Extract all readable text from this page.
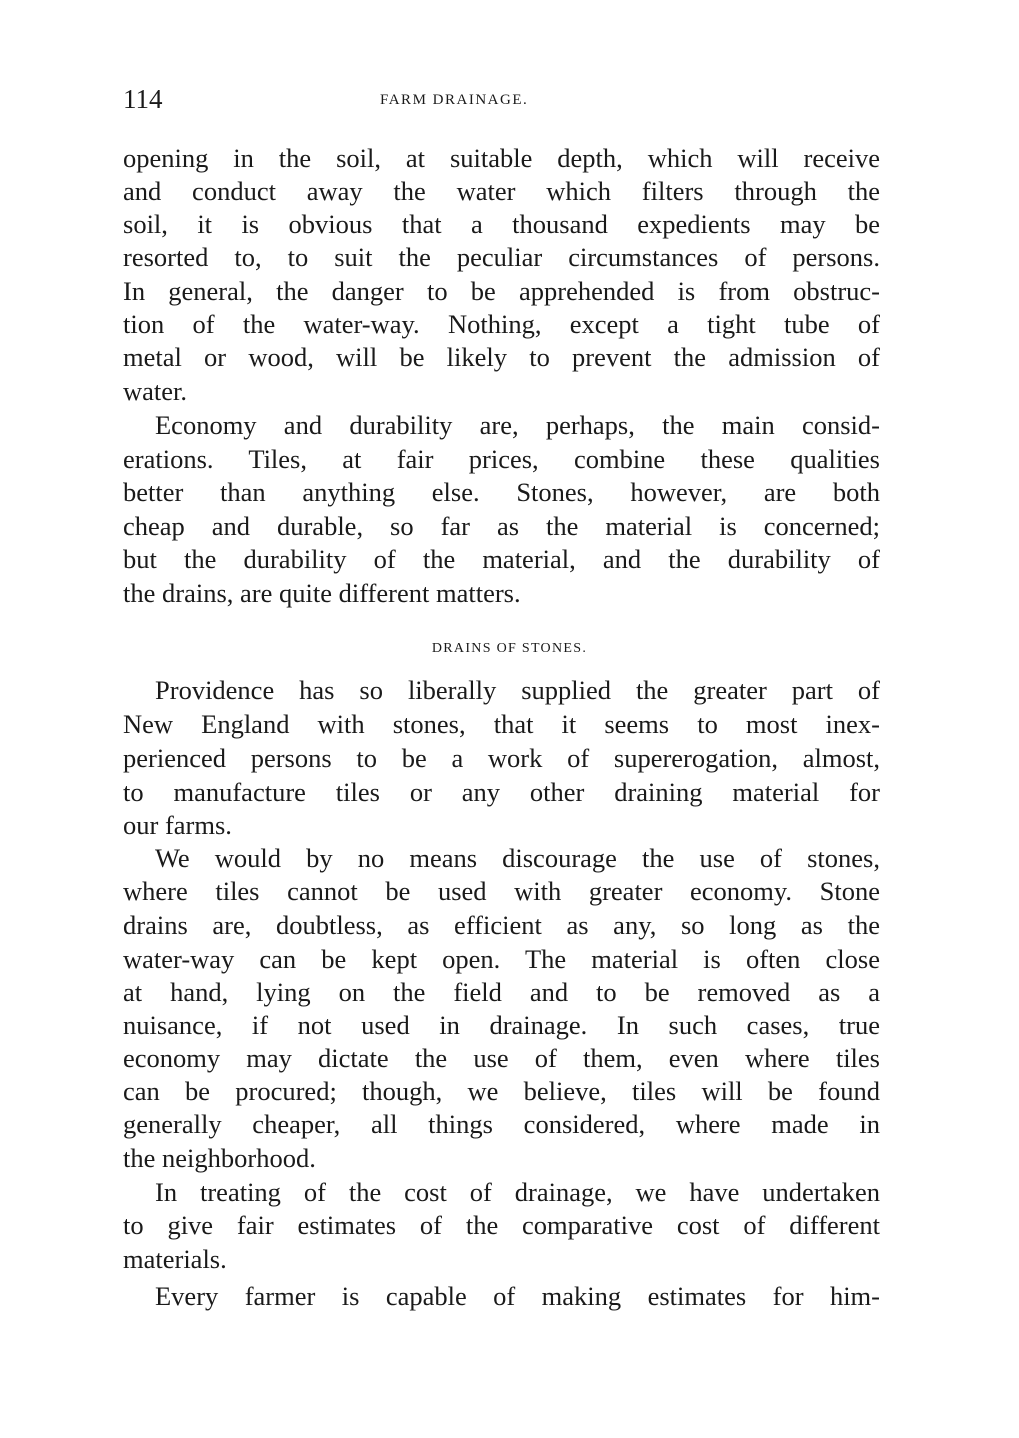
114	FARM DRAINAGE.
DRAINS OF STONES.
opening in the soil, at suitable depth, which will receive
and conduct away the water which filters through the
soil, it is obvious that a thousand expedients may be
resorted to, to suit the peculiar circumstances of persons.
In general, the danger to be apprehended is from obstruc-
tion of the water-way. Nothing, except a tight tube of
metal or wood, will be likely to prevent the admission of
water.
Economy and durability are, perhaps, the main consid-
erations. Tiles, at fair prices, combine these qualities
better than anything else. Stones, however, are both
cheap and durable, so far as the material is concerned;
but the durability of the material, and the durability of
the drains, are quite different matters.
Providence has so liberally supplied the greater part of
New England with stones, that it seems to most inex-
perienced persons to be a work of supererogation, almost,
to manufacture tiles or any other draining material for
our farms.
We would by no means discourage the use of stones,
where tiles cannot be used with greater economy. Stone
drains are, doubtless, as efficient as any, so long as the
water-way can be kept open. The material is often close
at hand, lying on the field and to be removed as a
nuisance, if not used in drainage. In such cases, true
economy may dictate the use of them, even where tiles
can be procured; though, we believe, tiles will be found
generally cheaper, all things considered, where made in
the neighborhood.
In treating of the cost of drainage, we have undertaken
to give fair estimates of the comparative cost of different
materials.
Every farmer is capable of making estimates for him-
